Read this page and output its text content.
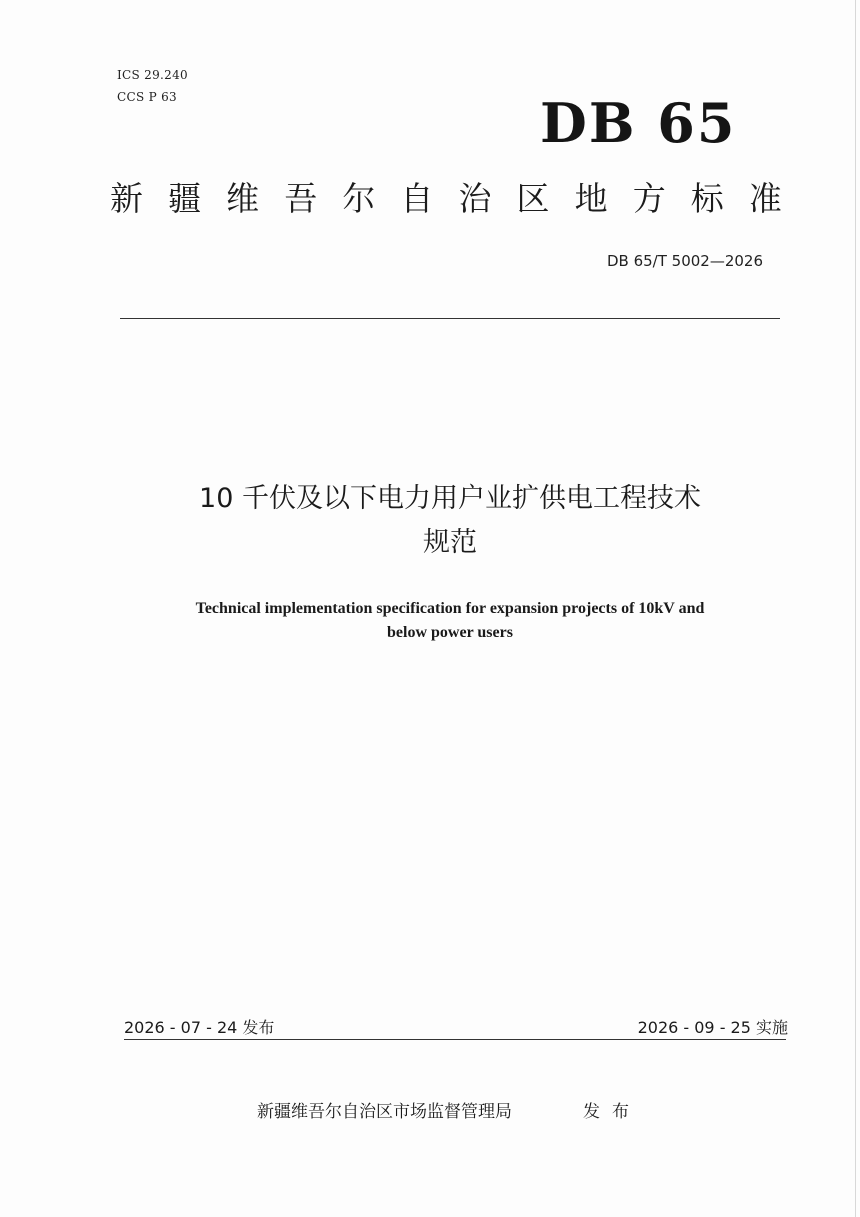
ICS 29.240
CCS P 63	DB 65
新 疆 维 吾 尔 自 治 区 地 方 标 准
DB 65/T 5002—2026
10 千伏及以下电力用户业扩供电工程技术
规范
Technical implementation specification for expansion projects of 10kV and
below power users
2026 - 07 - 24 发布	2026 - 09 - 25 实施
新疆维吾尔自治区市场监督管理局	发布
